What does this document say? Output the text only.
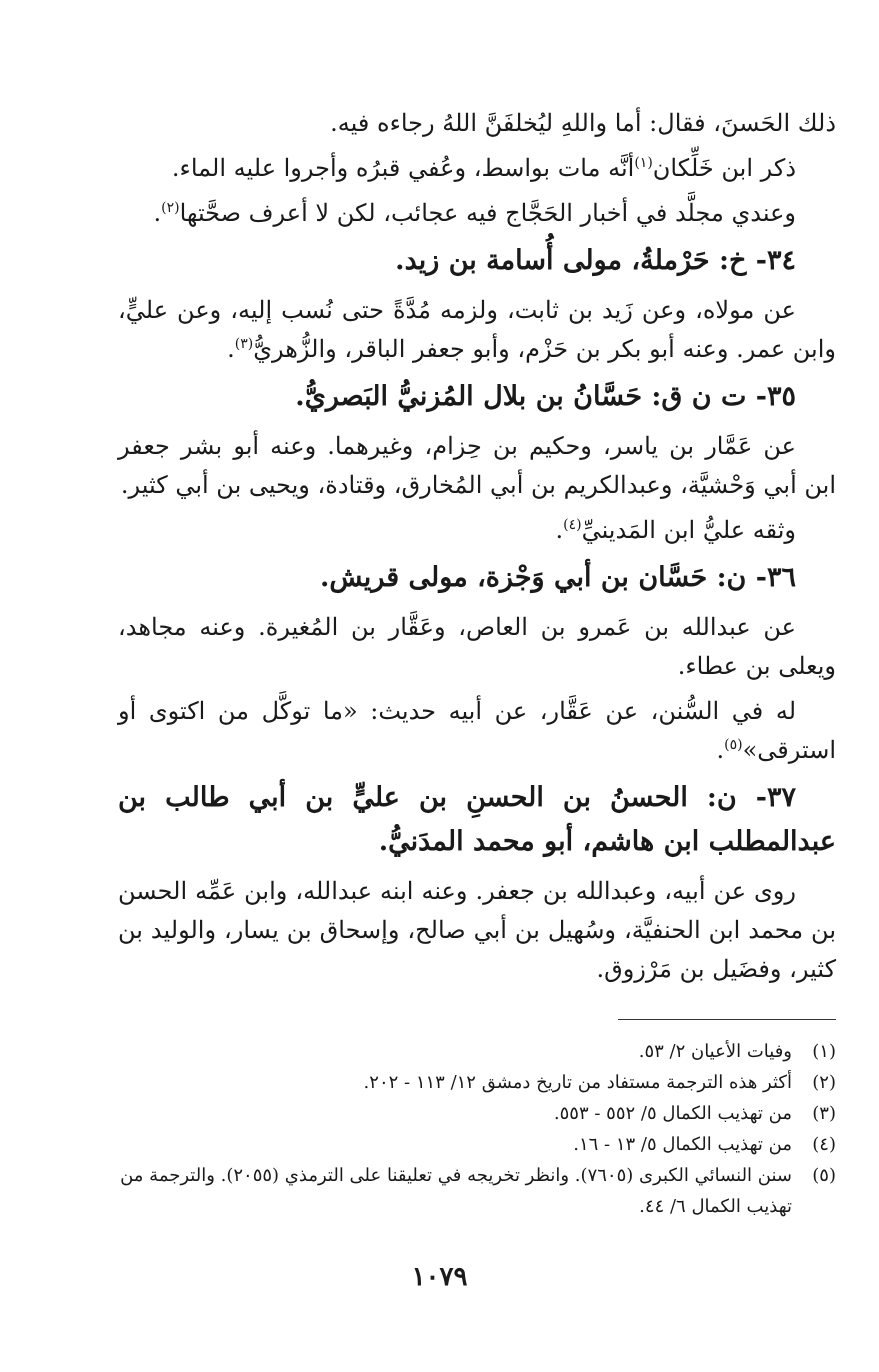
ذلك الحَسنَ، فقال: أما واللهِ ليُخلفَنَّ اللهُ رجاءه فيه.

ذكر ابن خَلِّكان$^{(١)}$أنَّه مات بواسط، وعُفي قبرُه وأجروا عليه الماء.

وعندي مجلَّد في أخبار الحَجَّاج فيه عجائب، لكن لا أعرف صحَّتها$^{(٢)}$.

٣٤- خ: حَرْملةُ، مولى أُسامة بن زيد.

عن مولاه، وعن زَيد بن ثابت، ولزمه مُدَّةً حتى نُسب إليه، وعن عليٍّ، وابن عمر. وعنه أبو بكر بن حَزْم، وأبو جعفر الباقر، والزُّهريُّ$^{(٣)}$.

٣٥- ت ن ق: حَسَّانُ بن بلال المُزنيُّ البَصريُّ.

عن عَمَّار بن ياسر، وحكيم بن حِزام، وغيرهما. وعنه أبو بشر جعفر ابن أبي وَحْشيَّة، وعبدالكريم بن أبي المُخارق، وقتادة، ويحيى بن أبي كثير.

وثقه عليُّ ابن المَدينيِّ$^{(٤)}$.

٣٦- ن: حَسَّان بن أبي وَجْزة، مولى قريش.

عن عبدالله بن عَمرو بن العاص، وعَقَّار بن المُغيرة. وعنه مجاهد، ويعلى بن عطاء.

له في السُّنن، عن عَقَّار، عن أبيه حديث: «ما توكَّل من اكتوى أو استرقى»$^{(٥)}$.

٣٧- ن: الحسنُ بن الحسنِ بن عليٍّ بن أبي طالب بن عبدالمطلب ابن هاشم، أبو محمد المدَنيُّ.

روى عن أبيه، وعبدالله بن جعفر. وعنه ابنه عبدالله، وابن عَمِّه الحسن بن محمد ابن الحنفيَّة، وسُهيل بن أبي صالح، وإسحاق بن يسار، والوليد بن كثير، وفضَيل بن مَرْزوق.

(١)
وفيات الأعيان ٢/ ٥٣.
(٢)
أكثر هذه الترجمة مستفاد من تاريخ دمشق ١٢/ ١١٣ - ٢٠٢.
(٣)
من تهذيب الكمال ٥/ ٥٥٢ - ٥٥٣.
(٤)
من تهذيب الكمال ٥/ ١٣ - ١٦.
(٥)
سنن النسائي الكبرى (٧٦٠٥). وانظر تخريجه في تعليقنا على الترمذي (٢٠٥٥). والترجمة من تهذيب الكمال ٦/ ٤٤.
١٠٧٩
